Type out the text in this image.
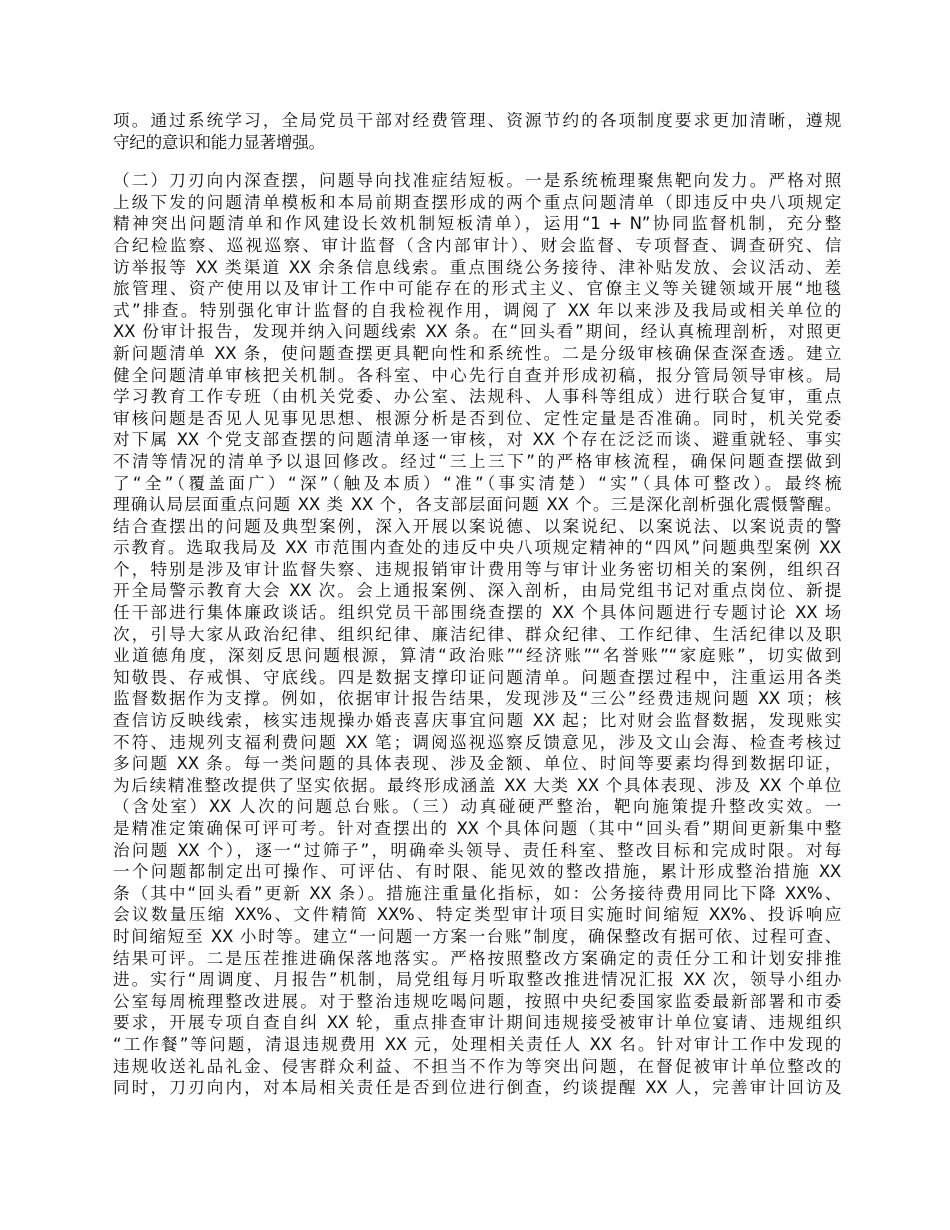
项。通过系统学习，全局党员干部对经费管理、资源节约的各项制度要求更加清晰，遵规
守纪的意识和能力显著增强。

（二）刀刃向内深查摆，问题导向找准症结短板。一是系统梳理聚焦靶向发力。严格对照
上级下发的问题清单模板和本局前期查摆形成的两个重点问题清单（即违反中央八项规定
精神突出问题清单和作风建设长效机制短板清单），运用“1 + N”协同监督机制，充分整
合纪检监察、巡视巡察、审计监督（含内部审计）、财会监督、专项督查、调查研究、信
访举报等 XX 类渠道 XX 余条信息线索。重点围绕公务接待、津补贴发放、会议活动、差
旅管理、资产使用以及审计工作中可能存在的形式主义、官僚主义等关键领域开展“地毯
式”排查。特别强化审计监督的自我检视作用，调阅了 XX 年以来涉及我局或相关单位的
XX 份审计报告，发现并纳入问题线索 XX 条。在“回头看”期间，经认真梳理剖析，对照更
新问题清单 XX 条，使问题查摆更具靶向性和系统性。二是分级审核确保查深查透。建立
健全问题清单审核把关机制。各科室、中心先行自查并形成初稿，报分管局领导审核。局
学习教育工作专班（由机关党委、办公室、法规科、人事科等组成）进行联合复审，重点
审核问题是否见人见事见思想、根源分析是否到位、定性定量是否准确。同时，机关党委
对下属 XX 个党支部查摆的问题清单逐一审核，对 XX 个存在泛泛而谈、避重就轻、事实
不清等情况的清单予以退回修改。经过“三上三下”的严格审核流程，确保问题查摆做到
了“全”（覆盖面广）“深”（触及本质）“准”（事实清楚）“实”（具体可整改）。最终梳
理确认局层面重点问题 XX 类 XX 个，各支部层面问题 XX 个。三是深化剖析强化震慑警醒。
结合查摆出的问题及典型案例，深入开展以案说德、以案说纪、以案说法、以案说责的警
示教育。选取我局及 XX 市范围内查处的违反中央八项规定精神的“四风”问题典型案例 XX
个，特别是涉及审计监督失察、违规报销审计费用等与审计业务密切相关的案例，组织召
开全局警示教育大会 XX 次。会上通报案例、深入剖析，由局党组书记对重点岗位、新提
任干部进行集体廉政谈话。组织党员干部围绕查摆的 XX 个具体问题进行专题讨论 XX 场
次，引导大家从政治纪律、组织纪律、廉洁纪律、群众纪律、工作纪律、生活纪律以及职
业道德角度，深刻反思问题根源，算清“政治账”“经济账”“名誉账”“家庭账”，切实做到
知敬畏、存戒惧、守底线。四是数据支撑印证问题清单。问题查摆过程中，注重运用各类
监督数据作为支撑。例如，依据审计报告结果，发现涉及“三公”经费违规问题 XX 项；核
查信访反映线索，核实违规操办婚丧喜庆事宜问题 XX 起；比对财会监督数据，发现账实
不符、违规列支福利费问题 XX 笔；调阅巡视巡察反馈意见，涉及文山会海、检查考核过
多问题 XX 条。每一类问题的具体表现、涉及金额、单位、时间等要素均得到数据印证，
为后续精准整改提供了坚实依据。最终形成涵盖 XX 大类 XX 个具体表现、涉及 XX 个单位
（含处室）XX 人次的问题总台账。（三）动真碰硬严整治，靶向施策提升整改实效。一
是精准定策确保可评可考。针对查摆出的 XX 个具体问题（其中“回头看”期间更新集中整
治问题 XX 个），逐一“过筛子”，明确牵头领导、责任科室、整改目标和完成时限。对每
一个问题都制定出可操作、可评估、有时限、能见效的整改措施，累计形成整治措施 XX
条（其中“回头看”更新 XX 条）。措施注重量化指标，如：公务接待费用同比下降 XX%、
会议数量压缩 XX%、文件精简 XX%、特定类型审计项目实施时间缩短 XX%、投诉响应
时间缩短至 XX 小时等。建立“一问题一方案一台账”制度，确保整改有据可依、过程可查、
结果可评。二是压茬推进确保落地落实。严格按照整改方案确定的责任分工和计划安排推
进。实行“周调度、月报告”机制，局党组每月听取整改推进情况汇报 XX 次，领导小组办
公室每周梳理整改进展。对于整治违规吃喝问题，按照中央纪委国家监委最新部署和市委
要求，开展专项自查自纠 XX 轮，重点排查审计期间违规接受被审计单位宴请、违规组织
“工作餐”等问题，清退违规费用 XX 元，处理相关责任人 XX 名。针对审计工作中发现的
违规收送礼品礼金、侵害群众利益、不担当不作为等突出问题，在督促被审计单位整改的
同时，刀刃向内，对本局相关责任是否到位进行倒查，约谈提醒 XX 人，完善审计回访及
